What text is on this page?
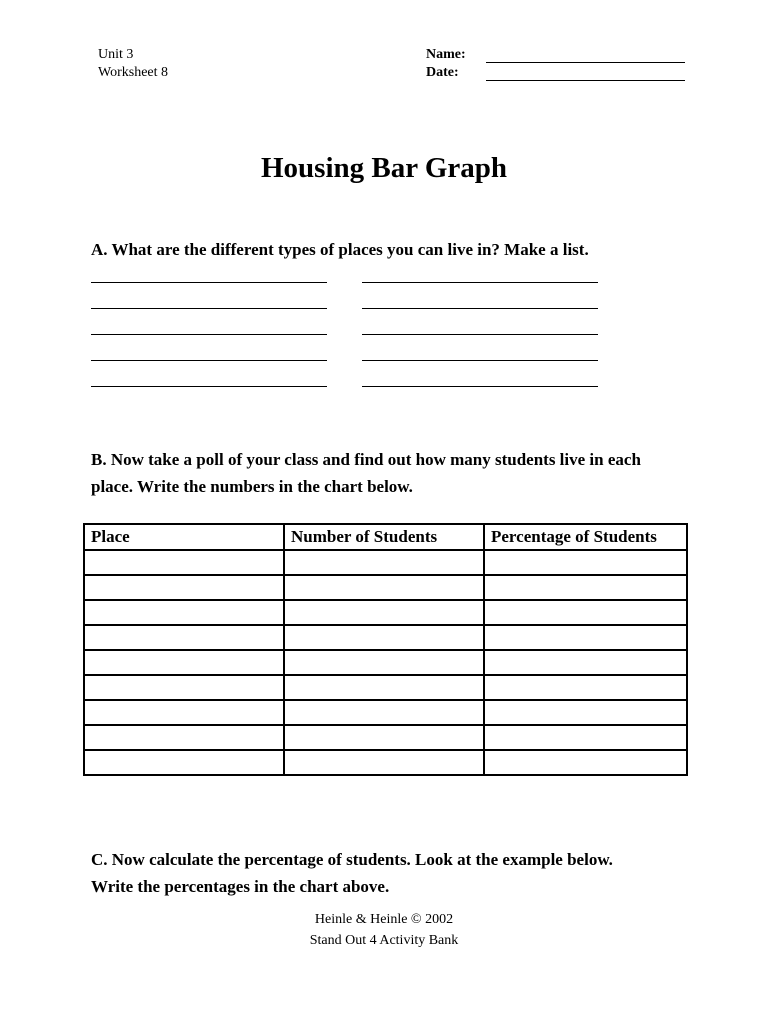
Unit 3
Worksheet 8
Name:
Date:
Housing Bar Graph
A. What are the different types of places you can live in? Make a list.
B. Now take a poll of your class and find out how many students live in each
place. Write the numbers in the chart below.
Place	Number of Students	Percentage of Students

C. Now calculate the percentage of students. Look at the example below.
Write the percentages in the chart above.
Heinle & Heinle © 2002
Stand Out 4 Activity Bank
